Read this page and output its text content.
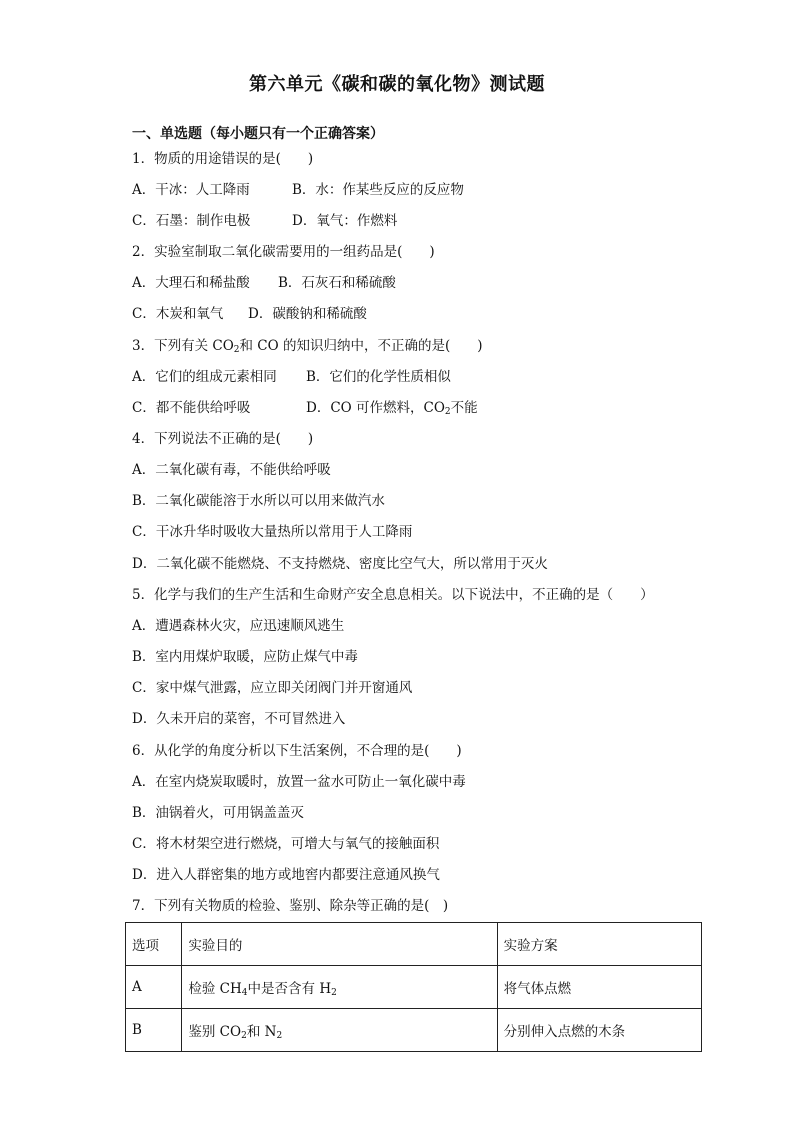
第六单元《碳和碳的氧化物》测试题
一、单选题（每小题只有一个正确答案）
1．物质的用途错误的是(　　)
A．干冰：人工降雨	B．水：作某些反应的反应物
C．石墨：制作电极	D．氧气：作燃料
2．实验室制取二氧化碳需要用的一组药品是(　　)
A．大理石和稀盐酸 B．石灰石和稀硫酸
C．木炭和氧气 D．碳酸钠和稀硫酸
3．下列有关 $CO_2$和 CO 的知识归纳中，不正确的是(　　)
A．它们的组成元素相同 B．它们的化学性质相似
C．都不能供给呼吸	D．CO 可作燃料，$CO_2$不能
4．下列说法不正确的是(　　)
A．二氧化碳有毒，不能供给呼吸
B．二氧化碳能溶于水所以可以用来做汽水
C．干冰升华时吸收大量热所以常用于人工降雨
D．二氧化碳不能燃烧、不支持燃烧、密度比空气大，所以常用于灭火
5．化学与我们的生产生活和生命财产安全息息相关。以下说法中，不正确的是（　　）
A．遭遇森林火灾，应迅速顺风逃生
B．室内用煤炉取暖，应防止煤气中毒
C．家中煤气泄露，应立即关闭阀门并开窗通风
D．久未开启的菜窖，不可冒然进入
6．从化学的角度分析以下生活案例，不合理的是(　　)
A．在室内烧炭取暖时，放置一盆水可防止一氧化碳中毒
B．油锅着火，可用锅盖盖灭
C．将木材架空进行燃烧，可增大与氧气的接触面积
D．进入人群密集的地方或地窖内都要注意通风换气
7．下列有关物质的检验、鉴别、除杂等正确的是(　)
选项	实验目的	实验方案
A	检验 $CH_4$中是否含有 $H_2$	将气体点燃
B	鉴别 $CO_2$和 $N_2$	分别伸入点燃的木条
